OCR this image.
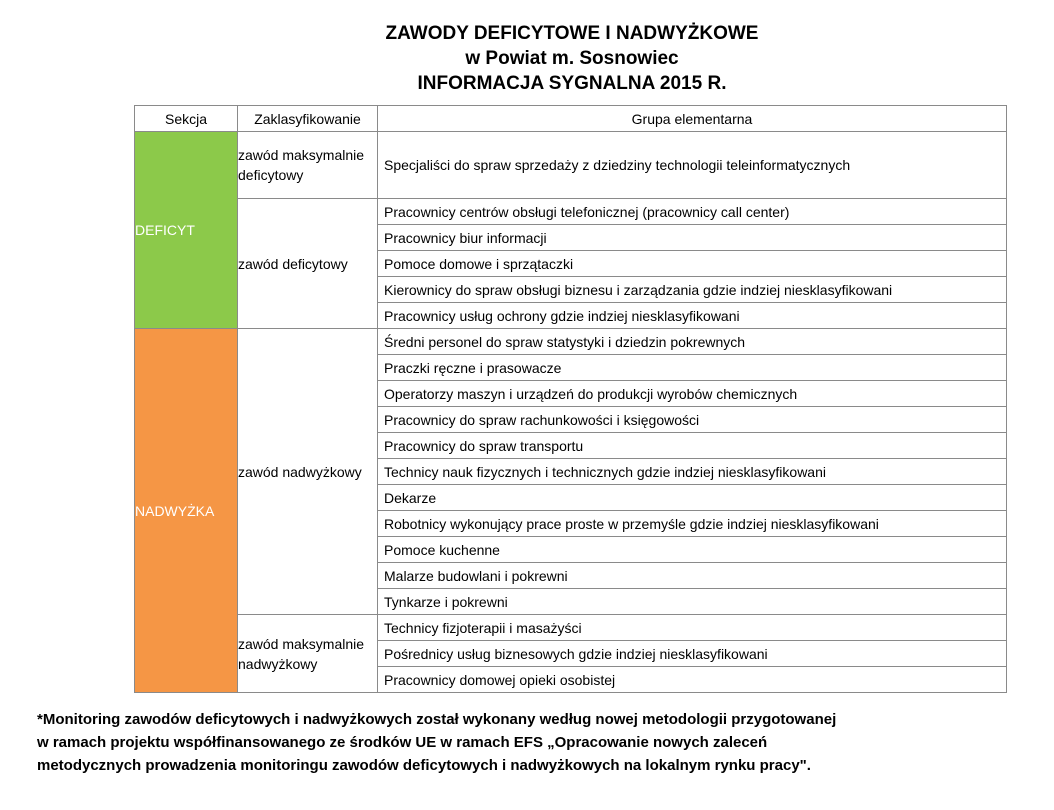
ZAWODY DEFICYTOWE I NADWYŻKOWE
w Powiat m. Sosnowiec
INFORMACJA SYGNALNA 2015 R.
Sekcja	Zaklasyfikowanie	Grupa elementarna
DEFICYT	zawód maksymalnie deficytowy	Specjaliści do spraw sprzedaży z dziedziny technologii teleinformatycznych
	zawód deficytowy	Pracownicy centrów obsługi telefonicznej (pracownicy call center)
		Pracownicy biur informacji
		Pomoce domowe i sprzątaczki
		Kierownicy do spraw obsługi biznesu i zarządzania gdzie indziej niesklasyfikowani
		Pracownicy usług ochrony gdzie indziej niesklasyfikowani
NADWYŻKA	zawód nadwyżkowy	Średni personel do spraw statystyki i dziedzin pokrewnych
		Praczki ręczne i prasowacze
		Operatorzy maszyn i urządzeń do produkcji wyrobów chemicznych
		Pracownicy do spraw rachunkowości i księgowości
		Pracownicy do spraw transportu
		Technicy nauk fizycznych i technicznych gdzie indziej niesklasyfikowani
		Dekarze
		Robotnicy wykonujący prace proste w przemyśle gdzie indziej niesklasyfikowani
		Pomoce kuchenne
		Malarze budowlani i pokrewni
		Tynkarze i pokrewni
	zawód maksymalnie nadwyżkowy	Technicy fizjoterapii i masażyści
		Pośrednicy usług biznesowych gdzie indziej niesklasyfikowani
		Pracownicy domowej opieki osobistej
*Monitoring zawodów deficytowych i nadwyżkowych został wykonany według nowej metodologii przygotowanej
w ramach projektu współfinansowanego ze środków UE w ramach EFS „Opracowanie nowych zaleceń
metodycznych prowadzenia monitoringu zawodów deficytowych i nadwyżkowych na lokalnym rynku pracy".
